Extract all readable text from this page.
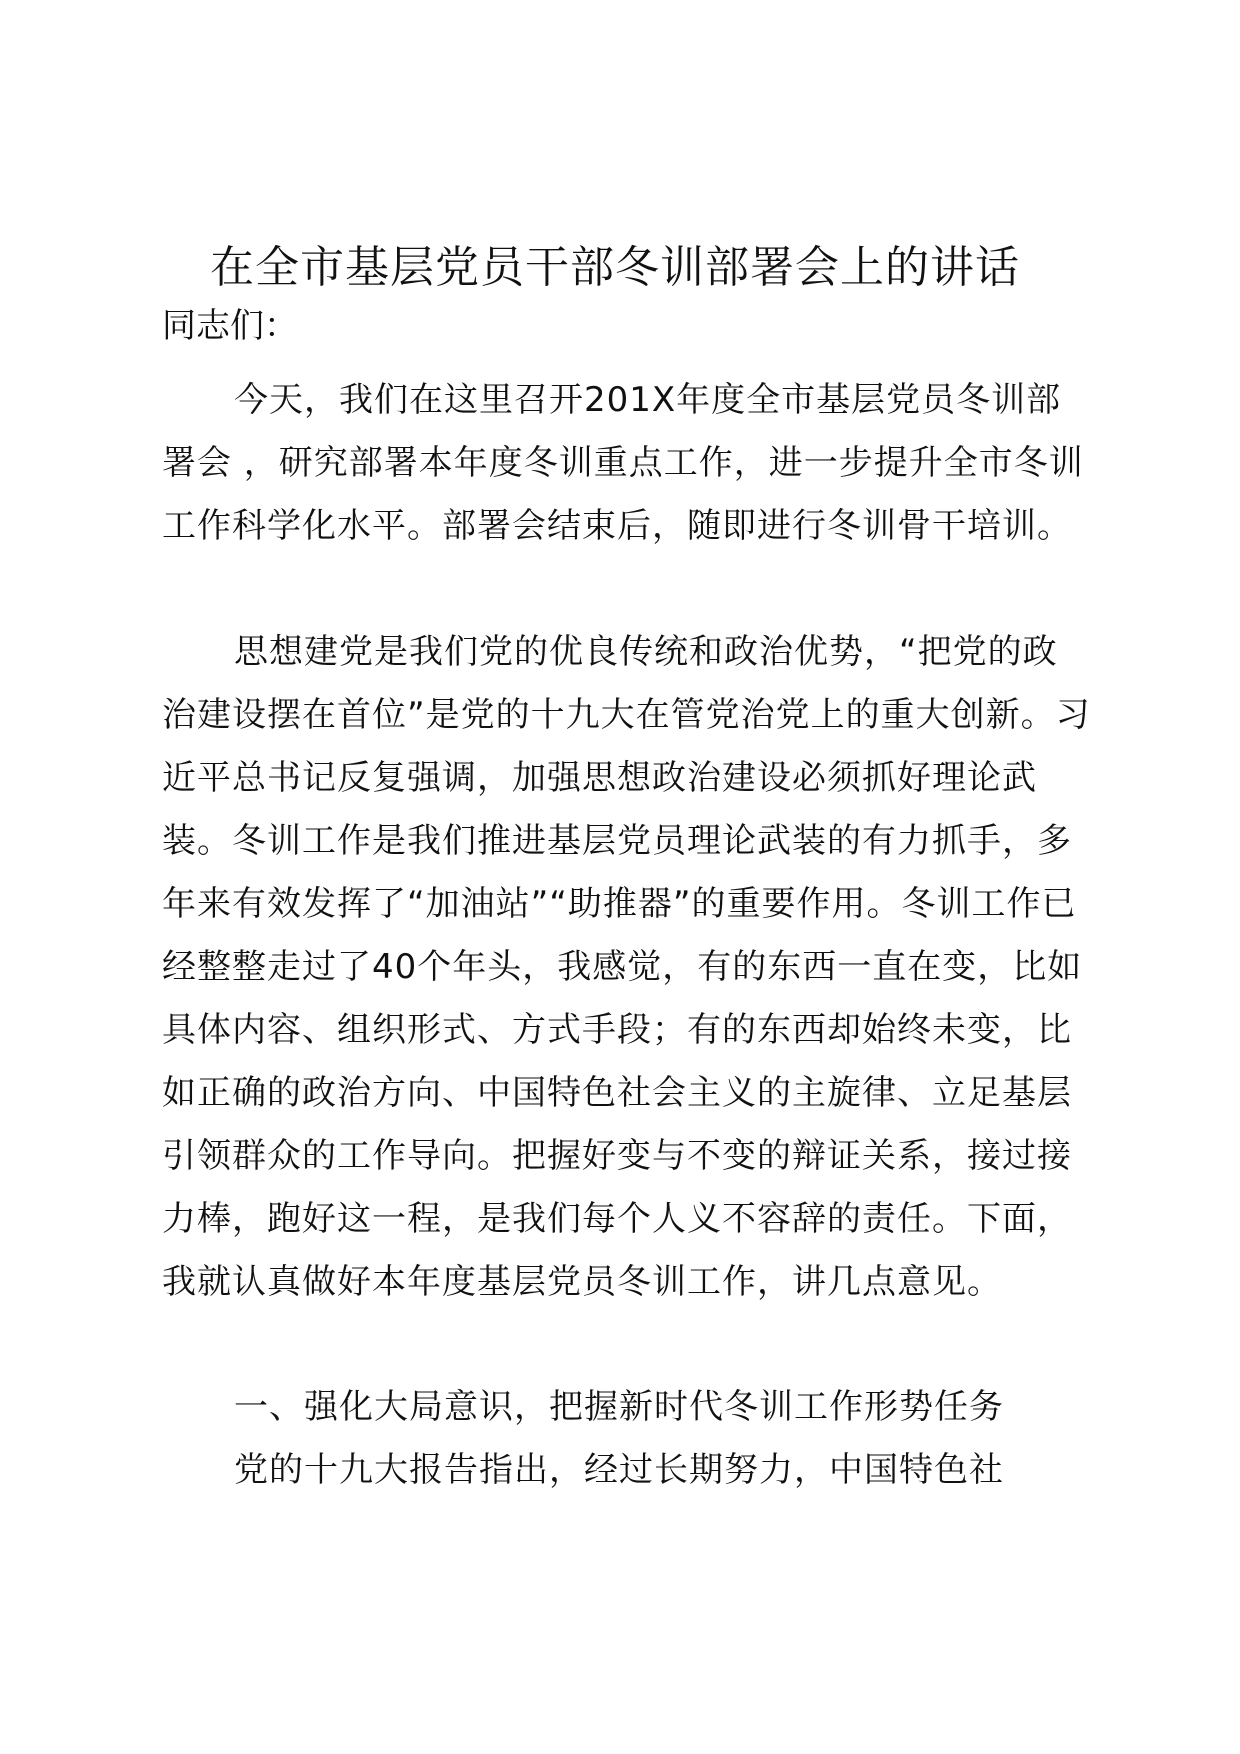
在全市基层党员干部冬训部署会上的讲话
同志们：

今天，我们在这里召开201X年度全市基层党员冬训部署会 ，研究部署本年度冬训重点工作，进一步提升全市冬训工作科学化水平。部署会结束后，随即进行冬训骨干培训。

思想建党是我们党的优良传统和政治优势，“把党的政治建设摆在首位”是党的十九大在管党治党上的重大创新。习近平总书记反复强调，加强思想政治建设必须抓好理论武装。冬训工作是我们推进基层党员理论武装的有力抓手，多年来有效发挥了“加油站”“助推器”的重要作用。冬训工作已经整整走过了40个年头，我感觉，有的东西一直在变，比如具体内容、组织形式、方式手段；有的东西却始终未变，比如正确的政治方向、中国特色社会主义的主旋律、立足基层引领群众的工作导向。把握好变与不变的辩证关系，接过接力棒，跑好这一程，是我们每个人义不容辞的责任。下面，我就认真做好本年度基层党员冬训工作，讲几点意见。

一、强化大局意识，把握新时代冬训工作形势任务

党的十九大报告指出，经过长期努力，中国特色社
